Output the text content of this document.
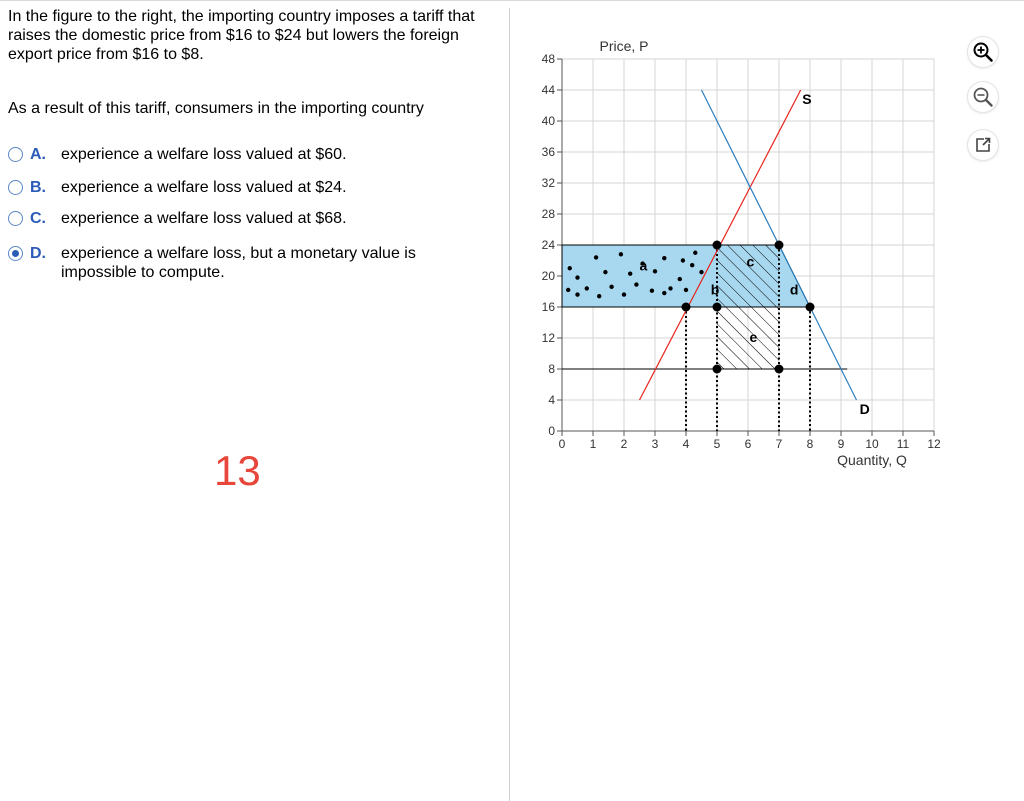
In the figure to the right, the importing country imposes a tariff that raises the domestic price from $16 to $24 but lowers the foreign export price from $16 to $8.

As a result of this tariff, consumers in the importing country

A. experience a welfare loss valued at $60.
B. experience a welfare loss valued at $24.
C. experience a welfare loss valued at $68.
D. experience a welfare loss, but a monetary value is impossible to compute.
13
0 1 2 3 4 5 6 7 8 9 10 11 12
0
4
8
12
16
20
24
28
32
36
40
44
48
Price, P
Quantity, Q
a
b
c
d
e
S
D
